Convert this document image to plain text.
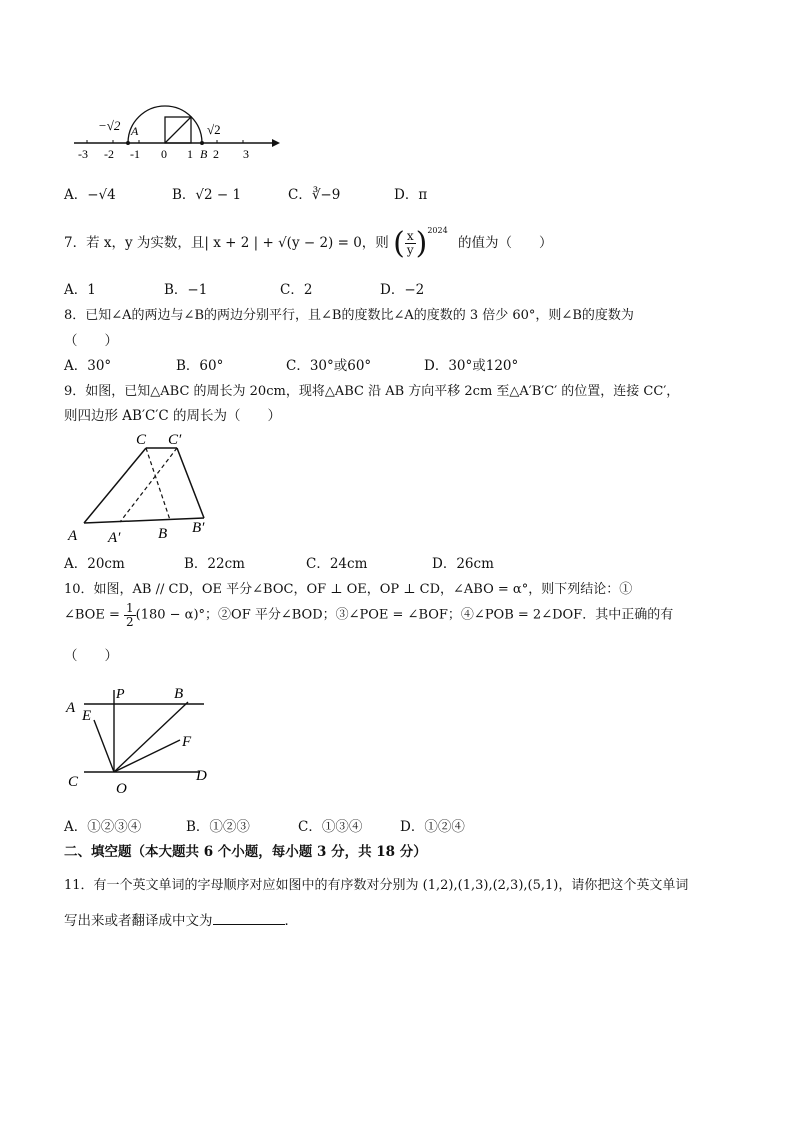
−√2 A	√2
B
-3 -2 -1 0 1 2 3
A．−√4	B．√2 − 1	C．∛−9	D．π
7．若 x，y 为实数，且| x + 2 | + √(y − 2) = 0，则 ( $\frac{x}{y} )^{2024}$ 的值为（　　）
A．1	B．−1	C．2	D．−2
8．已知∠A的两边与∠B的两边分别平行，且∠B的度数比∠A的度数的 3 倍少 60°，则∠B的度数为
（　　）
A．30°	B．60°	C．30°或60°	D．30°或120°
9．如图，已知△ABC 的周长为 20cm，现将△ABC 沿 AB 方向平移 2cm 至△A′B′C′ 的位置，连接 CC′，
则四边形 AB′C′C 的周长为（　　）
C C′
A A′	B B′
A．20cm	B．22cm	C．24cm	D．26cm
10．如图，AB // CD，OE 平分∠BOC，OF ⊥ OE，OP ⊥ CD，∠ABO = α°，则下列结论：①
∠BOE = $\frac{1}{2} (180 - \alpha)^\circ$；②OF 平分∠BOD；③∠POE = ∠BOF；④∠POB = 2∠DOF．其中正确的有
（　　）
A E
P	B
F
C	O
D
A．①②③④	B．①②③	C．①③④	D．①②④
二、填空题（本大题共 6 个小题，每小题 3 分，共 18 分）
11．有一个英文单词的字母顺序对应如图中的有序数对分别为 (1,2),(1,3),(2,3),(5,1)，请你把这个英文单词
写出来或者翻译成中文为	．
